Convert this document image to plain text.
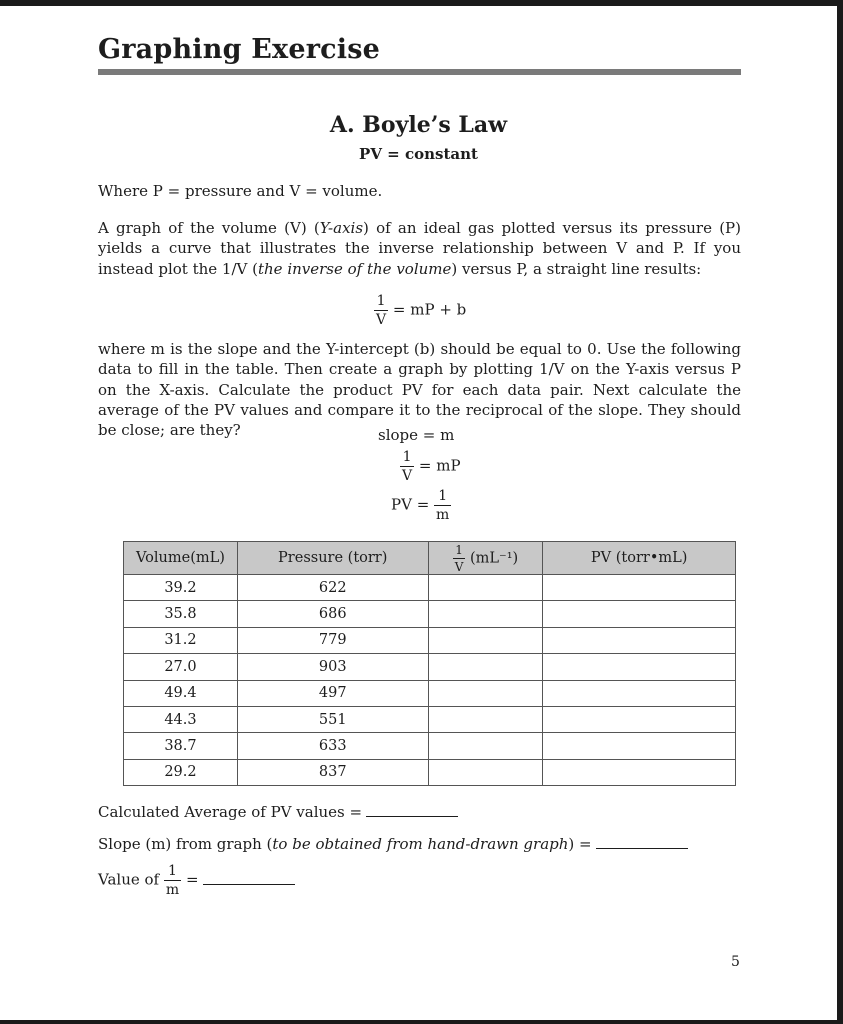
Graphing Exercise
A. Boyle’s Law
PV = constant
Where P = pressure and V = volume.
A graph of the volume (V) (Y-axis) of an ideal gas plotted versus its pressure (P) yields a curve that illustrates the inverse relationship between V and P. If you instead plot the 1/V (the inverse of the volume) versus P, a straight line results:
$\frac{1}{V}$ = mP + b
where m is the slope and the Y-intercept (b) should be equal to 0. Use the following data to fill in the table. Then create a graph by plotting 1/V on the Y-axis versus P on the X-axis. Calculate the product PV for each data pair. Next calculate the average of the PV values and compare it to the reciprocal of the slope. They should be close; are they?	slope = m
$\frac{1}{V}$ = mP
PV = $\frac{1}{m}$
Volume(mL)	Pressure (torr)	$\frac{1}{V} (mL^{-1})$	PV (torr•mL)
39.2	622		
35.8	686		
31.2	779		
27.0	903		
49.4	497		
44.3	551		
38.7	633		
29.2	837		
Calculated Average of PV values =
Slope (m) from graph (to be obtained from hand-drawn graph) =
Value of $\frac{1}{m}$ =
5
